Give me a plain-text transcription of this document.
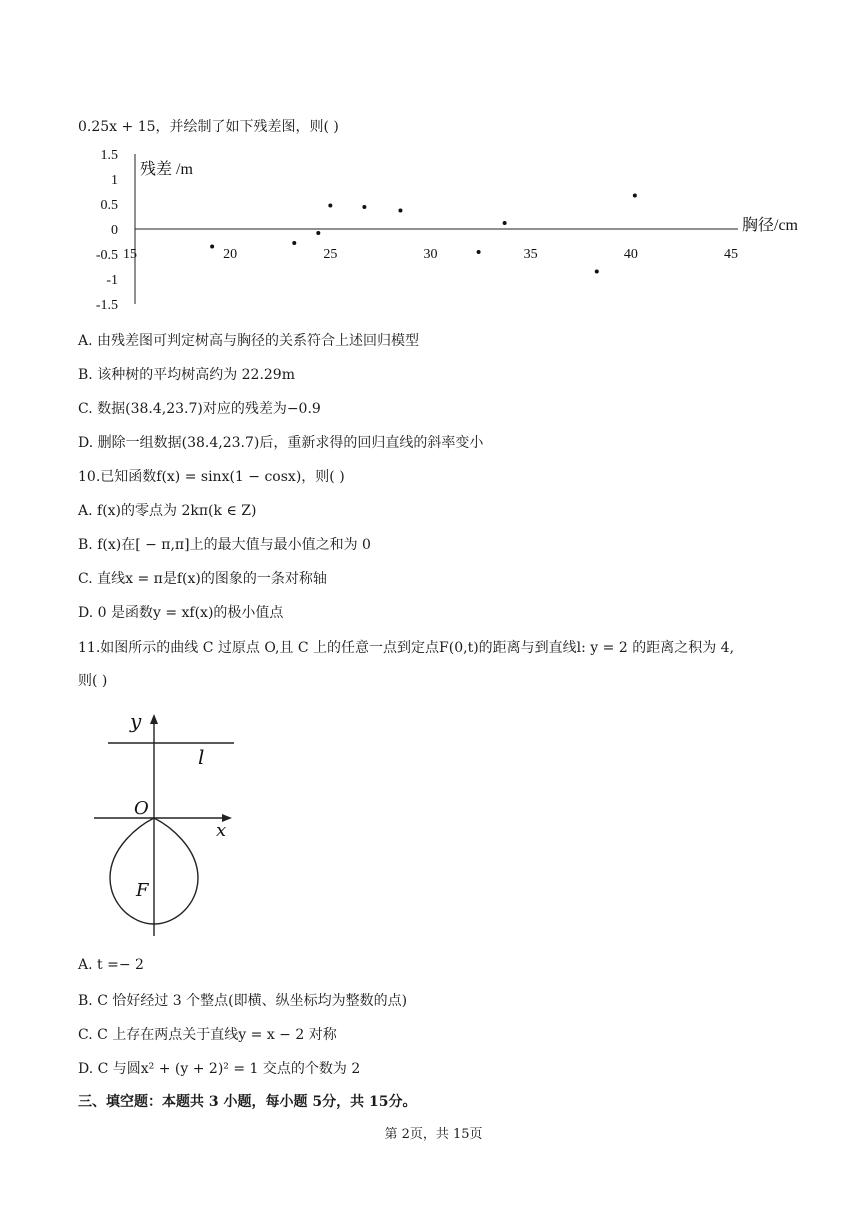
0.25x + 15，并绘制了如下残差图，则( )
1.5
1
0.5
0
-0.5
-1
-1.5
15	20	25	30	35	40	45
残差 /m
胸径/cm
A. 由残差图可判定树高与胸径的关系符合上述回归模型
B. 该种树的平均树高约为 22.29m
C. 数据(38.4,23.7)对应的残差为−0.9
D. 删除一组数据(38.4,23.7)后，重新求得的回归直线的斜率变小
10.已知函数f(x) = sinx(1 − cosx)，则( )
A. f(x)的零点为 2kπ(k ∈ Z)
B. f(x)在[ − π,π]上的最大值与最小值之和为 0
C. 直线x = π是f(x)的图象的一条对称轴
D. 0 是函数y = xf(x)的极小值点
11.如图所示的曲线 C 过原点 O,且 C 上的任意一点到定点F(0,t)的距离与到直线l: y = 2 的距离之积为 4,
则( )
y
l
O
x
F
A. t =− 2
B. C 恰好经过 3 个整点(即横、纵坐标均为整数的点)
C. C 上存在两点关于直线y = x − 2 对称
D. C 与圆x² + (y + 2)² = 1 交点的个数为 2
三、填空题：本题共 3 小题，每小题 5分，共 15分。
第 2页，共 15页
